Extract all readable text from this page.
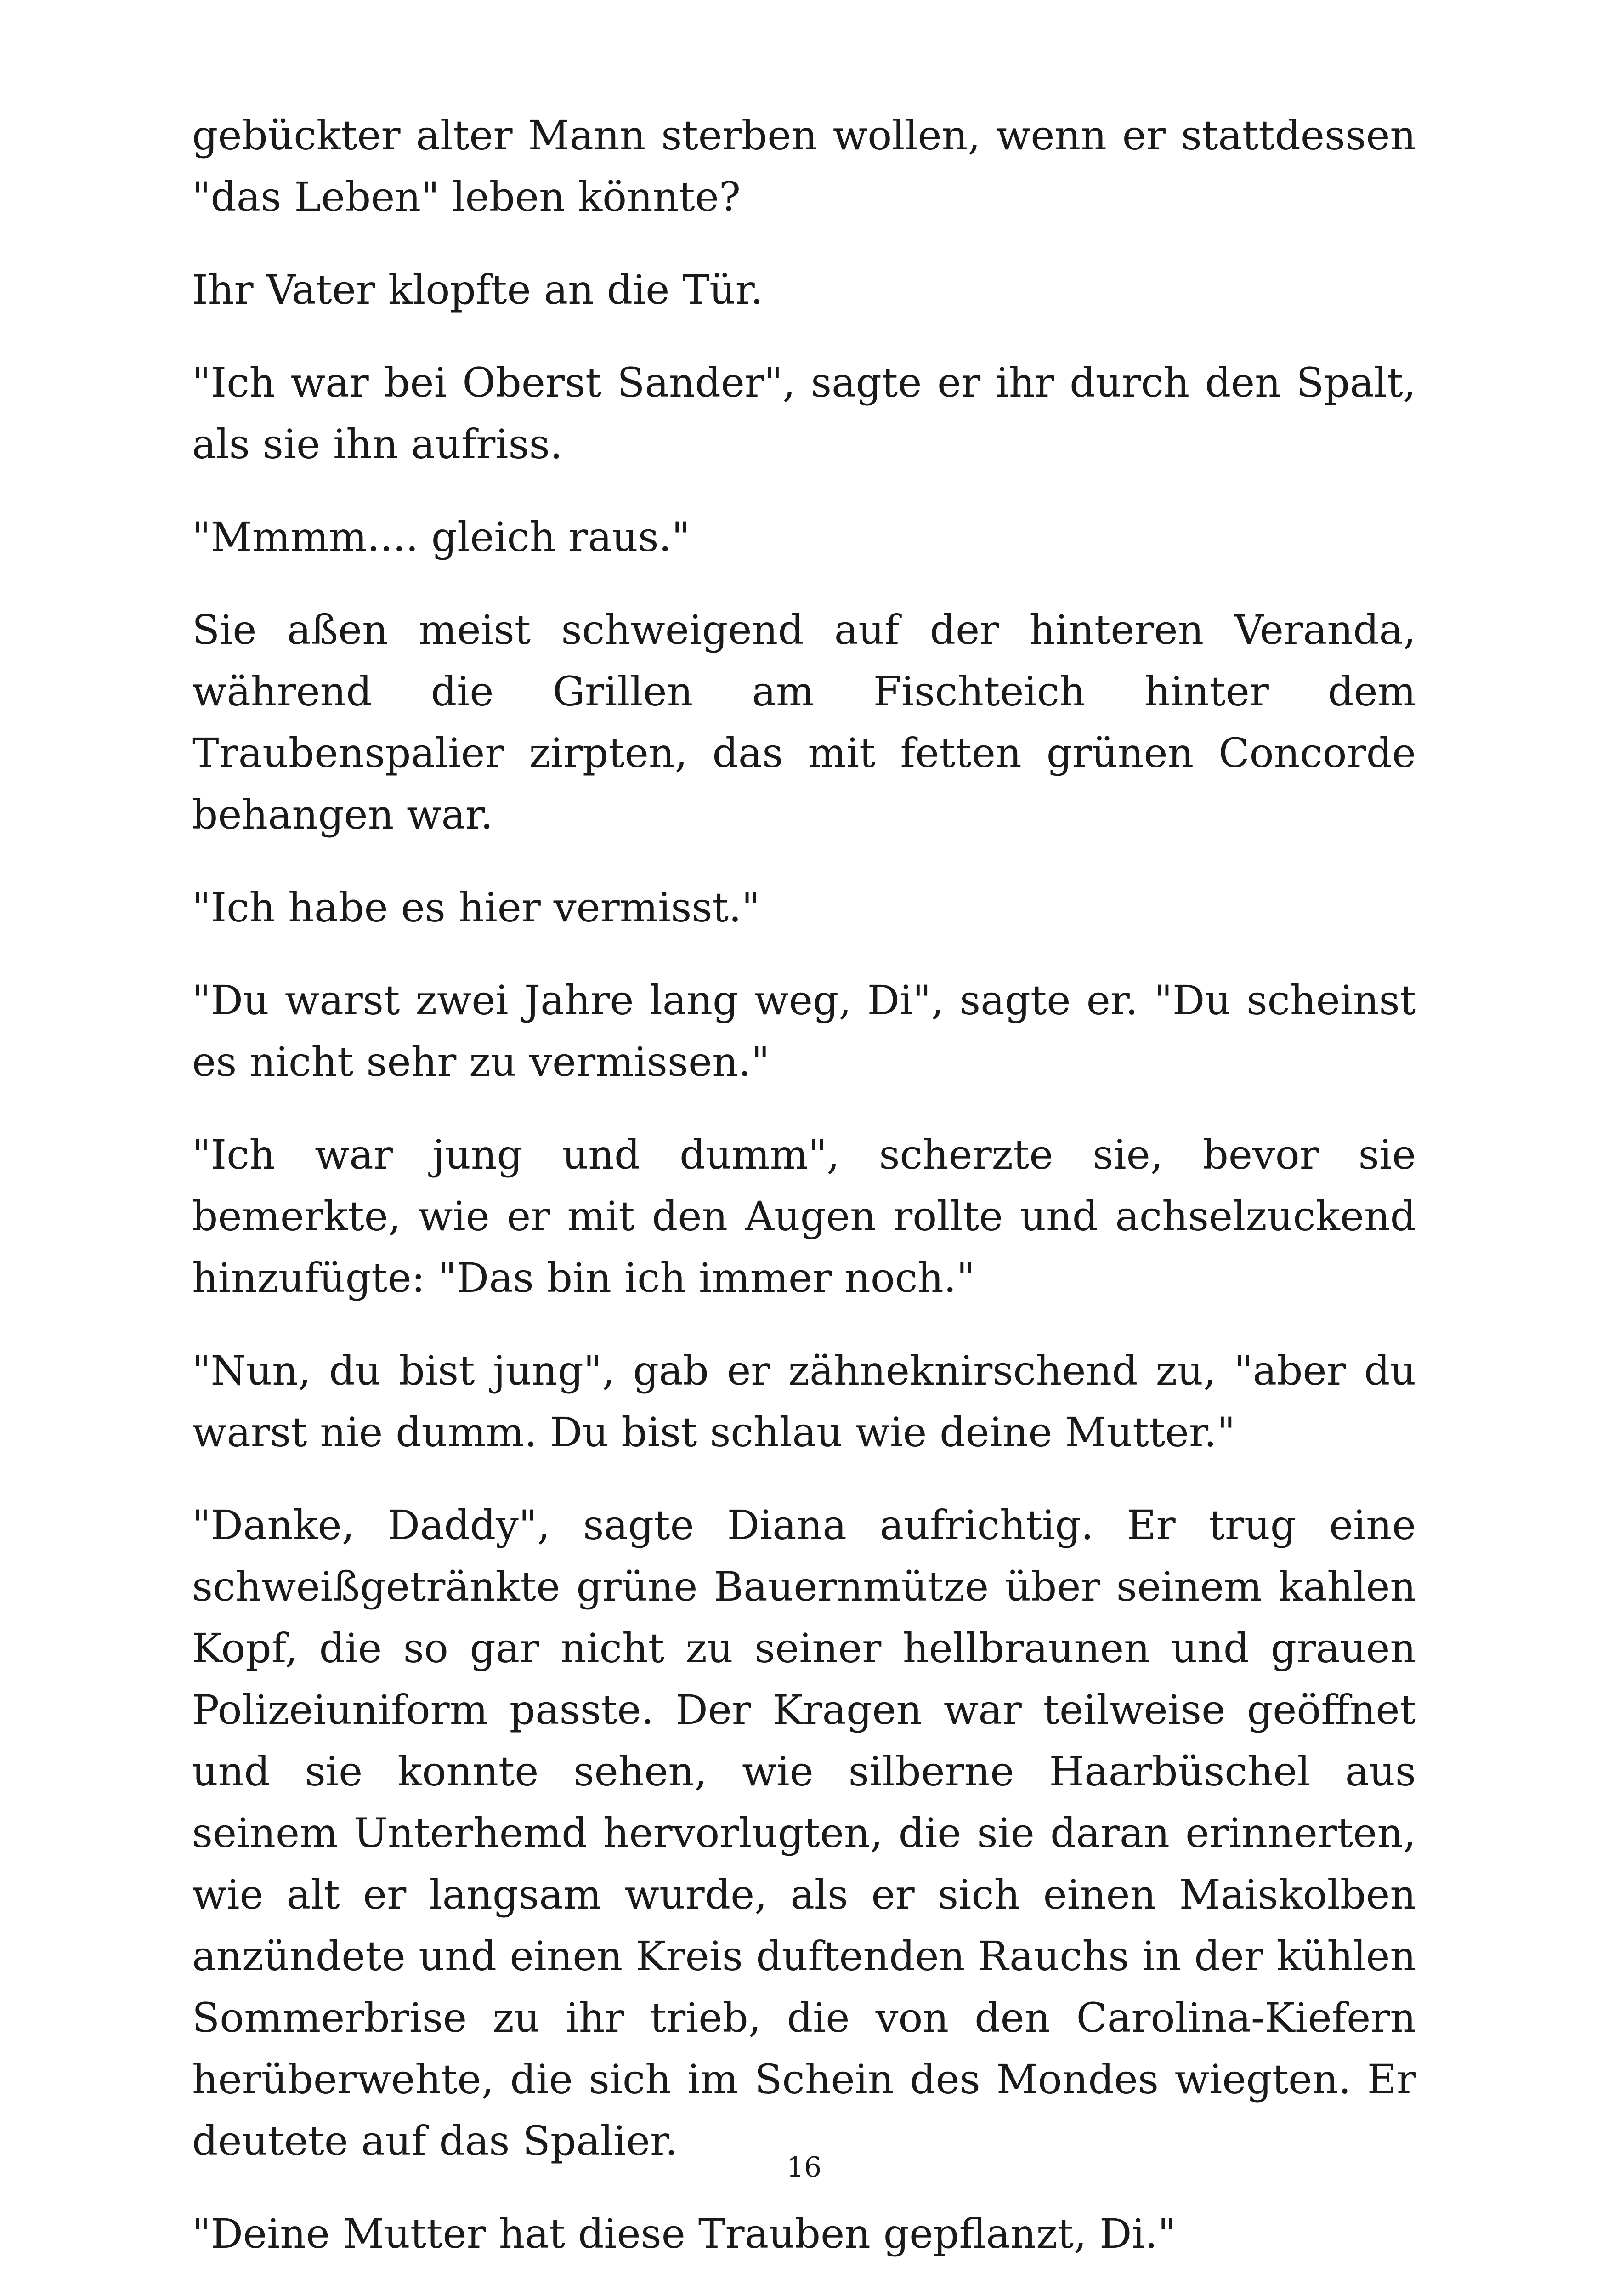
gebückter alter Mann sterben wollen, wenn er stattdessen "das Leben" leben könnte?

Ihr Vater klopfte an die Tür.

"Ich war bei Oberst Sander", sagte er ihr durch den Spalt, als sie ihn aufriss.

"Mmmm.... gleich raus."

Sie aßen meist schweigend auf der hinteren Veranda, während die Grillen am Fischteich hinter dem Traubenspalier zirpten, das mit fetten grünen Concorde behangen war.

"Ich habe es hier vermisst."

"Du warst zwei Jahre lang weg, Di", sagte er. "Du scheinst es nicht sehr zu vermissen."

"Ich war jung und dumm", scherzte sie, bevor sie bemerkte, wie er mit den Augen rollte und achselzuckend hinzufügte: "Das bin ich immer noch."

"Nun, du bist jung", gab er zähneknirschend zu, "aber du warst nie dumm. Du bist schlau wie deine Mutter."

"Danke, Daddy", sagte Diana aufrichtig. Er trug eine schweißgetränkte grüne Bauernmütze über seinem kahlen Kopf, die so gar nicht zu seiner hellbraunen und grauen Polizeiuniform passte. Der Kragen war teilweise geöffnet und sie konnte sehen, wie silberne Haarbüschel aus seinem Unterhemd hervorlugten, die sie daran erinnerten, wie alt er langsam wurde, als er sich einen Maiskolben anzündete und einen Kreis duftenden Rauchs in der kühlen Sommerbrise zu ihr trieb, die von den Carolina-Kiefern herüberwehte, die sich im Schein des Mondes wiegten. Er deutete auf das Spalier.

"Deine Mutter hat diese Trauben gepflanzt, Di."

16
